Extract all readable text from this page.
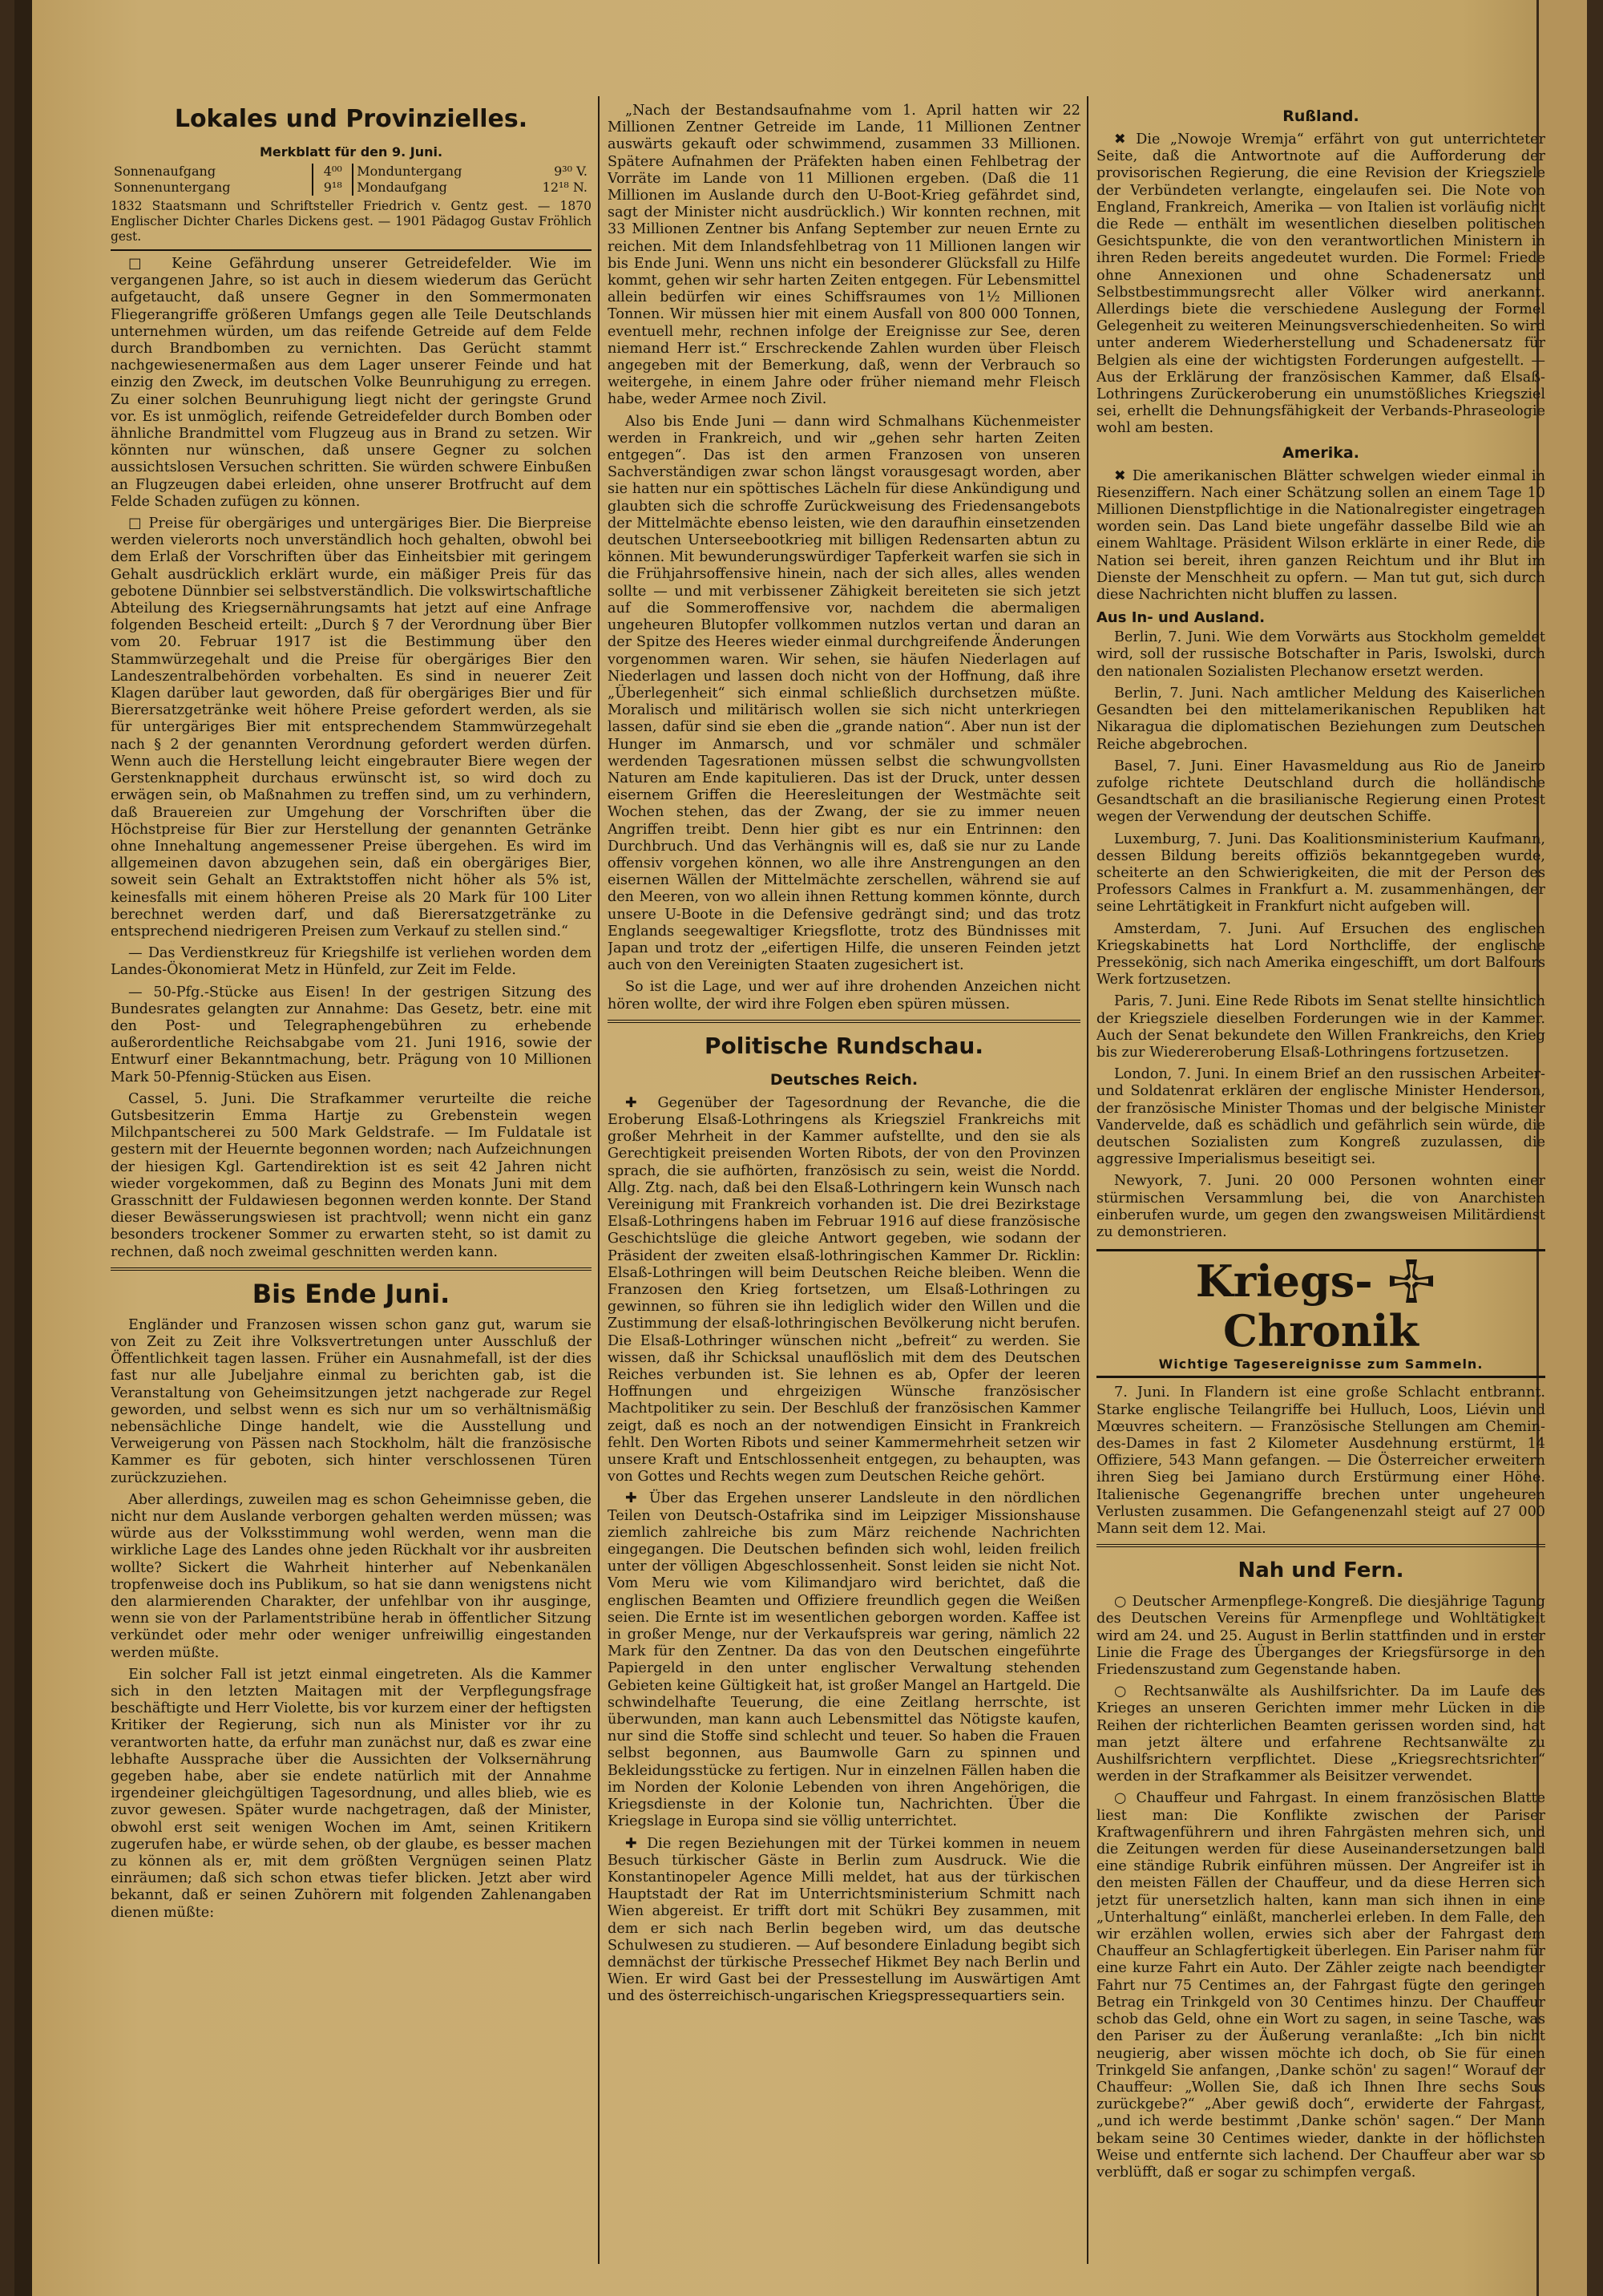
Lokales und Provinzielles.
Merkblatt für den 9. Juni.
Sonnenaufgang	4⁰⁰	Monduntergang	9³⁰ V.
Sonnenuntergang	9¹⁸	Mondaufgang	12¹⁸ N.

1832 Staatsmann und Schriftsteller Friedrich v. Gentz gest. — 1870 Englischer Dichter Charles Dickens gest. — 1901 Pädagog Gustav Fröhlich gest.

□ Keine Gefährdung unserer Getreidefelder. Wie im vergangenen Jahre, so ist auch in diesem wiederum das Gerücht aufgetaucht, daß unsere Gegner in den Sommermonaten Fliegerangriffe größeren Umfangs gegen alle Teile Deutschlands unternehmen würden, um das reifende Getreide auf dem Felde durch Brandbomben zu vernichten. Das Gerücht stammt nachgewiesenermaßen aus dem Lager unserer Feinde und hat einzig den Zweck, im deutschen Volke Beunruhigung zu erregen. Zu einer solchen Beunruhigung liegt nicht der geringste Grund vor. Es ist unmöglich, reifende Getreidefelder durch Bomben oder ähnliche Brandmittel vom Flugzeug aus in Brand zu setzen. Wir könnten nur wünschen, daß unsere Gegner zu solchen aussichtslosen Versuchen schritten. Sie würden schwere Einbußen an Flugzeugen dabei erleiden, ohne unserer Brotfrucht auf dem Felde Schaden zufügen zu können.

□ Preise für obergäriges und untergäriges Bier. Die Bierpreise werden vielerorts noch unverständlich hoch gehalten, obwohl bei dem Erlaß der Vorschriften über das Einheitsbier mit geringem Gehalt ausdrücklich erklärt wurde, ein mäßiger Preis für das gebotene Dünnbier sei selbstverständlich. Die volkswirtschaftliche Abteilung des Kriegsernährungsamts hat jetzt auf eine Anfrage folgenden Bescheid erteilt: „Durch § 7 der Verordnung über Bier vom 20. Februar 1917 ist die Bestimmung über den Stammwürzegehalt und die Preise für obergäriges Bier den Landeszentralbehörden vorbehalten. Es sind in neuerer Zeit Klagen darüber laut geworden, daß für obergäriges Bier und für Bierersatzgetränke weit höhere Preise gefordert werden, als sie für untergäriges Bier mit entsprechendem Stammwürzegehalt nach § 2 der genannten Verordnung gefordert werden dürfen. Wenn auch die Herstellung leicht eingebrauter Biere wegen der Gerstenknappheit durchaus erwünscht ist, so wird doch zu erwägen sein, ob Maßnahmen zu treffen sind, um zu verhindern, daß Brauereien zur Umgehung der Vorschriften über die Höchstpreise für Bier zur Herstellung der genannten Getränke ohne Innehaltung angemessener Preise übergehen. Es wird im allgemeinen davon abzugehen sein, daß ein obergäriges Bier, soweit sein Gehalt an Extraktstoffen nicht höher als 5% ist, keinesfalls mit einem höheren Preise als 20 Mark für 100 Liter berechnet werden darf, und daß Bierersatzgetränke zu entsprechend niedrigeren Preisen zum Verkauf zu stellen sind.“

— Das Verdienstkreuz für Kriegshilfe ist verliehen worden dem Landes-Ökonomierat Metz in Hünfeld, zur Zeit im Felde.

— 50-Pfg.-Stücke aus Eisen! In der gestrigen Sitzung des Bundesrates gelangten zur Annahme: Das Gesetz, betr. eine mit den Post- und Telegraphengebühren zu erhebende außerordentliche Reichsabgabe vom 21. Juni 1916, sowie der Entwurf einer Bekanntmachung, betr. Prägung von 10 Millionen Mark 50-Pfennig-Stücken aus Eisen.

Cassel, 5. Juni. Die Strafkammer verurteilte die reiche Gutsbesitzerin Emma Hartje zu Grebenstein wegen Milchpantscherei zu 500 Mark Geldstrafe. — Im Fuldatale ist gestern mit der Heuernte begonnen worden; nach Aufzeichnungen der hiesigen Kgl. Gartendirektion ist es seit 42 Jahren nicht wieder vorgekommen, daß zu Beginn des Monats Juni mit dem Grasschnitt der Fuldawiesen begonnen werden konnte. Der Stand dieser Bewässerungswiesen ist prachtvoll; wenn nicht ein ganz besonders trockener Sommer zu erwarten steht, so ist damit zu rechnen, daß noch zweimal geschnitten werden kann.

Bis Ende Juni.

Engländer und Franzosen wissen schon ganz gut, warum sie von Zeit zu Zeit ihre Volksvertretungen unter Ausschluß der Öffentlichkeit tagen lassen. Früher ein Ausnahmefall, ist der dies fast nur alle Jubeljahre einmal zu berichten gab, ist die Veranstaltung von Geheimsitzungen jetzt nachgerade zur Regel geworden, und selbst wenn es sich nur um so verhältnismäßig nebensächliche Dinge handelt, wie die Ausstellung und Verweigerung von Pässen nach Stockholm, hält die französische Kammer es für geboten, sich hinter verschlossenen Türen zurückzuziehen.

Aber allerdings, zuweilen mag es schon Geheimnisse geben, die nicht nur dem Auslande verborgen gehalten werden müssen; was würde aus der Volksstimmung wohl werden, wenn man die wirkliche Lage des Landes ohne jeden Rückhalt vor ihr ausbreiten wollte? Sickert die Wahrheit hinterher auf Nebenkanälen tropfenweise doch ins Publikum, so hat sie dann wenigstens nicht den alarmierenden Charakter, der unfehlbar von ihr ausginge, wenn sie von der Parlamentstribüne herab in öffentlicher Sitzung verkündet oder mehr oder weniger unfreiwillig eingestanden werden müßte.

Ein solcher Fall ist jetzt einmal eingetreten. Als die Kammer sich in den letzten Maitagen mit der Verpflegungsfrage beschäftigte und Herr Violette, bis vor kurzem einer der heftigsten Kritiker der Regierung, sich nun als Minister vor ihr zu verantworten hatte, da erfuhr man zunächst nur, daß es zwar eine lebhafte Aussprache über die Aussichten der Volksernährung gegeben habe, aber sie endete natürlich mit der Annahme irgendeiner gleichgültigen Tagesordnung, und alles blieb, wie es zuvor gewesen. Später wurde nachgetragen, daß der Minister, obwohl erst seit wenigen Wochen im Amt, seinen Kritikern zugerufen habe, er würde sehen, ob der glaube, es besser machen zu können als er, mit dem größten Vergnügen seinen Platz einräumen; daß sich schon etwas tiefer blicken. Jetzt aber wird bekannt, daß er seinen Zuhörern mit folgenden Zahlenangaben dienen müßte:

„Nach der Bestandsaufnahme vom 1. April hatten wir 22 Millionen Zentner Getreide im Lande, 11 Millionen Zentner auswärts gekauft oder schwimmend, zusammen 33 Millionen. Spätere Aufnahmen der Präfekten haben einen Fehlbetrag der Vorräte im Lande von 11 Millionen ergeben. (Daß die 11 Millionen im Auslande durch den U-Boot-Krieg gefährdet sind, sagt der Minister nicht ausdrücklich.) Wir konnten rechnen, mit 33 Millionen Zentner bis Anfang September zur neuen Ernte zu reichen. Mit dem Inlandsfehlbetrag von 11 Millionen langen wir bis Ende Juni. Wenn uns nicht ein besonderer Glücksfall zu Hilfe kommt, gehen wir sehr harten Zeiten entgegen. Für Lebensmittel allein bedürfen wir eines Schiffsraumes von 1½ Millionen Tonnen. Wir müssen hier mit einem Ausfall von 800 000 Tonnen, eventuell mehr, rechnen infolge der Ereignisse zur See, deren niemand Herr ist.“ Erschreckende Zahlen wurden über Fleisch angegeben mit der Bemerkung, daß, wenn der Verbrauch so weitergehe, in einem Jahre oder früher niemand mehr Fleisch habe, weder Armee noch Zivil.

Also bis Ende Juni — dann wird Schmalhans Küchenmeister werden in Frankreich, und wir „gehen sehr harten Zeiten entgegen“. Das ist den armen Franzosen von unseren Sachverständigen zwar schon längst vorausgesagt worden, aber sie hatten nur ein spöttisches Lächeln für diese Ankündigung und glaubten sich die schroffe Zurückweisung des Friedensangebots der Mittelmächte ebenso leisten, wie den daraufhin einsetzenden deutschen Unterseebootkrieg mit billigen Redensarten abtun zu können. Mit bewunderungswürdiger Tapferkeit warfen sie sich in die Frühjahrsoffensive hinein, nach der sich alles, alles wenden sollte — und mit verbissener Zähigkeit bereiteten sie sich jetzt auf die Sommeroffensive vor, nachdem die abermaligen ungeheuren Blutopfer vollkommen nutzlos vertan und daran an der Spitze des Heeres wieder einmal durchgreifende Änderungen vorgenommen waren. Wir sehen, sie häufen Niederlagen auf Niederlagen und lassen doch nicht von der Hoffnung, daß ihre „Überlegenheit“ sich einmal schließlich durchsetzen müßte. Moralisch und militärisch wollen sie sich nicht unterkriegen lassen, dafür sind sie eben die „grande nation“. Aber nun ist der Hunger im Anmarsch, und vor schmäler und schmäler werdenden Tagesrationen müssen selbst die schwungvollsten Naturen am Ende kapitulieren. Das ist der Druck, unter dessen eisernem Griffen die Heeresleitungen der Westmächte seit Wochen stehen, das der Zwang, der sie zu immer neuen Angriffen treibt. Denn hier gibt es nur ein Entrinnen: den Durchbruch. Und das Verhängnis will es, daß sie nur zu Lande offensiv vorgehen können, wo alle ihre Anstrengungen an den eisernen Wällen der Mittelmächte zerschellen, während sie auf den Meeren, von wo allein ihnen Rettung kommen könnte, durch unsere U-Boote in die Defensive gedrängt sind; und das trotz Englands seegewaltiger Kriegsflotte, trotz des Bündnisses mit Japan und trotz der „eifertigen Hilfe, die unseren Feinden jetzt auch von den Vereinigten Staaten zugesichert ist.

So ist die Lage, und wer auf ihre drohenden Anzeichen nicht hören wollte, der wird ihre Folgen eben spüren müssen.

Politische Rundschau.
Deutsches Reich.

✚ Gegenüber der Tagesordnung der Revanche, die die Eroberung Elsaß-Lothringens als Kriegsziel Frankreichs mit großer Mehrheit in der Kammer aufstellte, und den sie als Gerechtigkeit preisenden Worten Ribots, der von den Provinzen sprach, die sie aufhörten, französisch zu sein, weist die Nordd. Allg. Ztg. nach, daß bei den Elsaß-Lothringern kein Wunsch nach Vereinigung mit Frankreich vorhanden ist. Die drei Bezirkstage Elsaß-Lothringens haben im Februar 1916 auf diese französische Geschichtslüge die gleiche Antwort gegeben, wie sodann der Präsident der zweiten elsaß-lothringischen Kammer Dr. Ricklin: Elsaß-Lothringen will beim Deutschen Reiche bleiben. Wenn die Franzosen den Krieg fortsetzen, um Elsaß-Lothringen zu gewinnen, so führen sie ihn lediglich wider den Willen und die Zustimmung der elsaß-lothringischen Bevölkerung nicht berufen. Die Elsaß-Lothringer wünschen nicht „befreit“ zu werden. Sie wissen, daß ihr Schicksal unauflöslich mit dem des Deutschen Reiches verbunden ist. Sie lehnen es ab, Opfer der leeren Hoffnungen und ehrgeizigen Wünsche französischer Machtpolitiker zu sein. Der Beschluß der französischen Kammer zeigt, daß es noch an der notwendigen Einsicht in Frankreich fehlt. Den Worten Ribots und seiner Kammermehrheit setzen wir unsere Kraft und Entschlossenheit entgegen, zu behaupten, was von Gottes und Rechts wegen zum Deutschen Reiche gehört.

✚ Über das Ergehen unserer Landsleute in den nördlichen Teilen von Deutsch-Ostafrika sind im Leipziger Missionshause ziemlich zahlreiche bis zum März reichende Nachrichten eingegangen. Die Deutschen befinden sich wohl, leiden freilich unter der völligen Abgeschlossenheit. Sonst leiden sie nicht Not. Vom Meru wie vom Kilimandjaro wird berichtet, daß die englischen Beamten und Offiziere freundlich gegen die Weißen seien. Die Ernte ist im wesentlichen geborgen worden. Kaffee ist in großer Menge, nur der Verkaufspreis war gering, nämlich 22 Mark für den Zentner. Da das von den Deutschen eingeführte Papiergeld in den unter englischer Verwaltung stehenden Gebieten keine Gültigkeit hat, ist großer Mangel an Hartgeld. Die schwindelhafte Teuerung, die eine Zeitlang herrschte, ist überwunden, man kann auch Lebensmittel das Nötigste kaufen, nur sind die Stoffe sind schlecht und teuer. So haben die Frauen selbst begonnen, aus Baumwolle Garn zu spinnen und Bekleidungsstücke zu fertigen. Nur in einzelnen Fällen haben die im Norden der Kolonie Lebenden von ihren Angehörigen, die Kriegsdienste in der Kolonie tun, Nachrichten. Über die Kriegslage in Europa sind sie völlig unterrichtet.

✚ Die regen Beziehungen mit der Türkei kommen in neuem Besuch türkischer Gäste in Berlin zum Ausdruck. Wie die Konstantinopeler Agence Milli meldet, hat aus der türkischen Hauptstadt der Rat im Unterrichtsministerium Schmitt nach Wien abgereist. Er trifft dort mit Schükri Bey zusammen, mit dem er sich nach Berlin begeben wird, um das deutsche Schulwesen zu studieren. — Auf besondere Einladung begibt sich demnächst der türkische Pressechef Hikmet Bey nach Berlin und Wien. Er wird Gast bei der Pressestellung im Auswärtigen Amt und des österreichisch-ungarischen Kriegspressequartiers sein.

Rußland.

✖ Die „Nowoje Wremja“ erfährt von gut unterrichteter Seite, daß die Antwortnote auf die Aufforderung der provisorischen Regierung, die eine Revision der Kriegsziele der Verbündeten verlangte, eingelaufen sei. Die Note von England, Frankreich, Amerika — von Italien ist vorläufig nicht die Rede — enthält im wesentlichen dieselben politischen Gesichtspunkte, die von den verantwortlichen Ministern in ihren Reden bereits angedeutet wurden. Die Formel: Friede ohne Annexionen und ohne Schadenersatz und Selbstbestimmungsrecht aller Völker wird anerkannt. Allerdings biete die verschiedene Auslegung der Formel Gelegenheit zu weiteren Meinungsverschiedenheiten. So wird unter anderem Wiederherstellung und Schadenersatz für Belgien als eine der wichtigsten Forderungen aufgestellt. — Aus der Erklärung der französischen Kammer, daß Elsaß-Lothringens Zurückeroberung ein unumstößliches Kriegsziel sei, erhellt die Dehnungsfähigkeit der Verbands-Phraseologie wohl am besten.

Amerika.

✖ Die amerikanischen Blätter schwelgen wieder einmal in Riesenziffern. Nach einer Schätzung sollen an einem Tage 10 Millionen Dienstpflichtige in die Nationalregister eingetragen worden sein. Das Land biete ungefähr dasselbe Bild wie an einem Wahltage. Präsident Wilson erklärte in einer Rede, die Nation sei bereit, ihren ganzen Reichtum und ihr Blut im Dienste der Menschheit zu opfern. — Man tut gut, sich durch diese Nachrichten nicht bluffen zu lassen.

Aus In- und Ausland.

Berlin, 7. Juni. Wie dem Vorwärts aus Stockholm gemeldet wird, soll der russische Botschafter in Paris, Iswolski, durch den nationalen Sozialisten Plechanow ersetzt werden.

Berlin, 7. Juni. Nach amtlicher Meldung des Kaiserlichen Gesandten bei den mittelamerikanischen Republiken hat Nikaragua die diplomatischen Beziehungen zum Deutschen Reiche abgebrochen.

Basel, 7. Juni. Einer Havasmeldung aus Rio de Janeiro zufolge richtete Deutschland durch die holländische Gesandtschaft an die brasilianische Regierung einen Protest wegen der Verwendung der deutschen Schiffe.

Luxemburg, 7. Juni. Das Koalitionsministerium Kaufmann, dessen Bildung bereits offiziös bekanntgegeben wurde, scheiterte an den Schwierigkeiten, die mit der Person des Professors Calmes in Frankfurt a. M. zusammenhängen, der seine Lehrtätigkeit in Frankfurt nicht aufgeben will.

Amsterdam, 7. Juni. Auf Ersuchen des englischen Kriegskabinetts hat Lord Northcliffe, der englische Pressekönig, sich nach Amerika eingeschifft, um dort Balfours Werk fortzusetzen.

Paris, 7. Juni. Eine Rede Ribots im Senat stellte hinsichtlich der Kriegsziele dieselben Forderungen wie in der Kammer. Auch der Senat bekundete den Willen Frankreichs, den Krieg bis zur Wiedereroberung Elsaß-Lothringens fortzusetzen.

London, 7. Juni. In einem Brief an den russischen Arbeiter- und Soldatenrat erklären der englische Minister Henderson, der französische Minister Thomas und der belgische Minister Vandervelde, daß es schädlich und gefährlich sein würde, die deutschen Sozialisten zum Kongreß zuzulassen, die aggressive Imperialismus beseitigt sei.

Newyork, 7. Juni. 20 000 Personen wohnten einer stürmischen Versammlung bei, die von Anarchisten einberufen wurde, um gegen den zwangsweisen Militärdienst zu demonstrieren.

Kriegs-  Chronik
Wichtige Tagesereignisse zum Sammeln.

7. Juni. In Flandern ist eine große Schlacht entbrannt. Starke englische Teilangriffe bei Hulluch, Loos, Liévin und Mœuvres scheitern. — Französische Stellungen am Chemin-des-Dames in fast 2 Kilometer Ausdehnung erstürmt, 14 Offiziere, 543 Mann gefangen. — Die Österreicher erweitern ihren Sieg bei Jamiano durch Erstürmung einer Höhe. Italienische Gegenangriffe brechen unter ungeheuren Verlusten zusammen. Die Gefangenenzahl steigt auf 27 000 Mann seit dem 12. Mai.

Nah und Fern.

○ Deutscher Armenpflege-Kongreß. Die diesjährige Tagung des Deutschen Vereins für Armenpflege und Wohltätigkeit wird am 24. und 25. August in Berlin stattfinden und in erster Linie die Frage des Überganges der Kriegsfürsorge in den Friedenszustand zum Gegenstande haben.

○ Rechtsanwälte als Aushilfsrichter. Da im Laufe des Krieges an unseren Gerichten immer mehr Lücken in die Reihen der richterlichen Beamten gerissen worden sind, hat man jetzt ältere und erfahrene Rechtsanwälte zu Aushilfsrichtern verpflichtet. Diese „Kriegsrechtsrichter“ werden in der Strafkammer als Beisitzer verwendet.

○ Chauffeur und Fahrgast. In einem französischen Blatte liest man: Die Konflikte zwischen der Pariser Kraftwagenführern und ihren Fahrgästen mehren sich, und die Zeitungen werden für diese Auseinandersetzungen bald eine ständige Rubrik einführen müssen. Der Angreifer ist in den meisten Fällen der Chauffeur, und da diese Herren sich jetzt für unersetzlich halten, kann man sich ihnen in eine „Unterhaltung“ einläßt, mancherlei erleben. In dem Falle, den wir erzählen wollen, erwies sich aber der Fahrgast dem Chauffeur an Schlagfertigkeit überlegen. Ein Pariser nahm für eine kurze Fahrt ein Auto. Der Zähler zeigte nach beendigter Fahrt nur 75 Centimes an, der Fahrgast fügte den geringen Betrag ein Trinkgeld von 30 Centimes hinzu. Der Chauffeur schob das Geld, ohne ein Wort zu sagen, in seine Tasche, was den Pariser zu der Äußerung veranlaßte: „Ich bin nicht neugierig, aber wissen möchte ich doch, ob Sie für einen Trinkgeld Sie anfangen, ,Danke schön' zu sagen!“ Worauf der Chauffeur: „Wollen Sie, daß ich Ihnen Ihre sechs Sous zurückgebe?“ „Aber gewiß doch“, erwiderte der Fahrgast, „und ich werde bestimmt ,Danke schön' sagen.“ Der Mann bekam seine 30 Centimes wieder, dankte in der höflichsten Weise und entfernte sich lachend. Der Chauffeur aber war so verblüfft, daß er sogar zu schimpfen vergaß.
